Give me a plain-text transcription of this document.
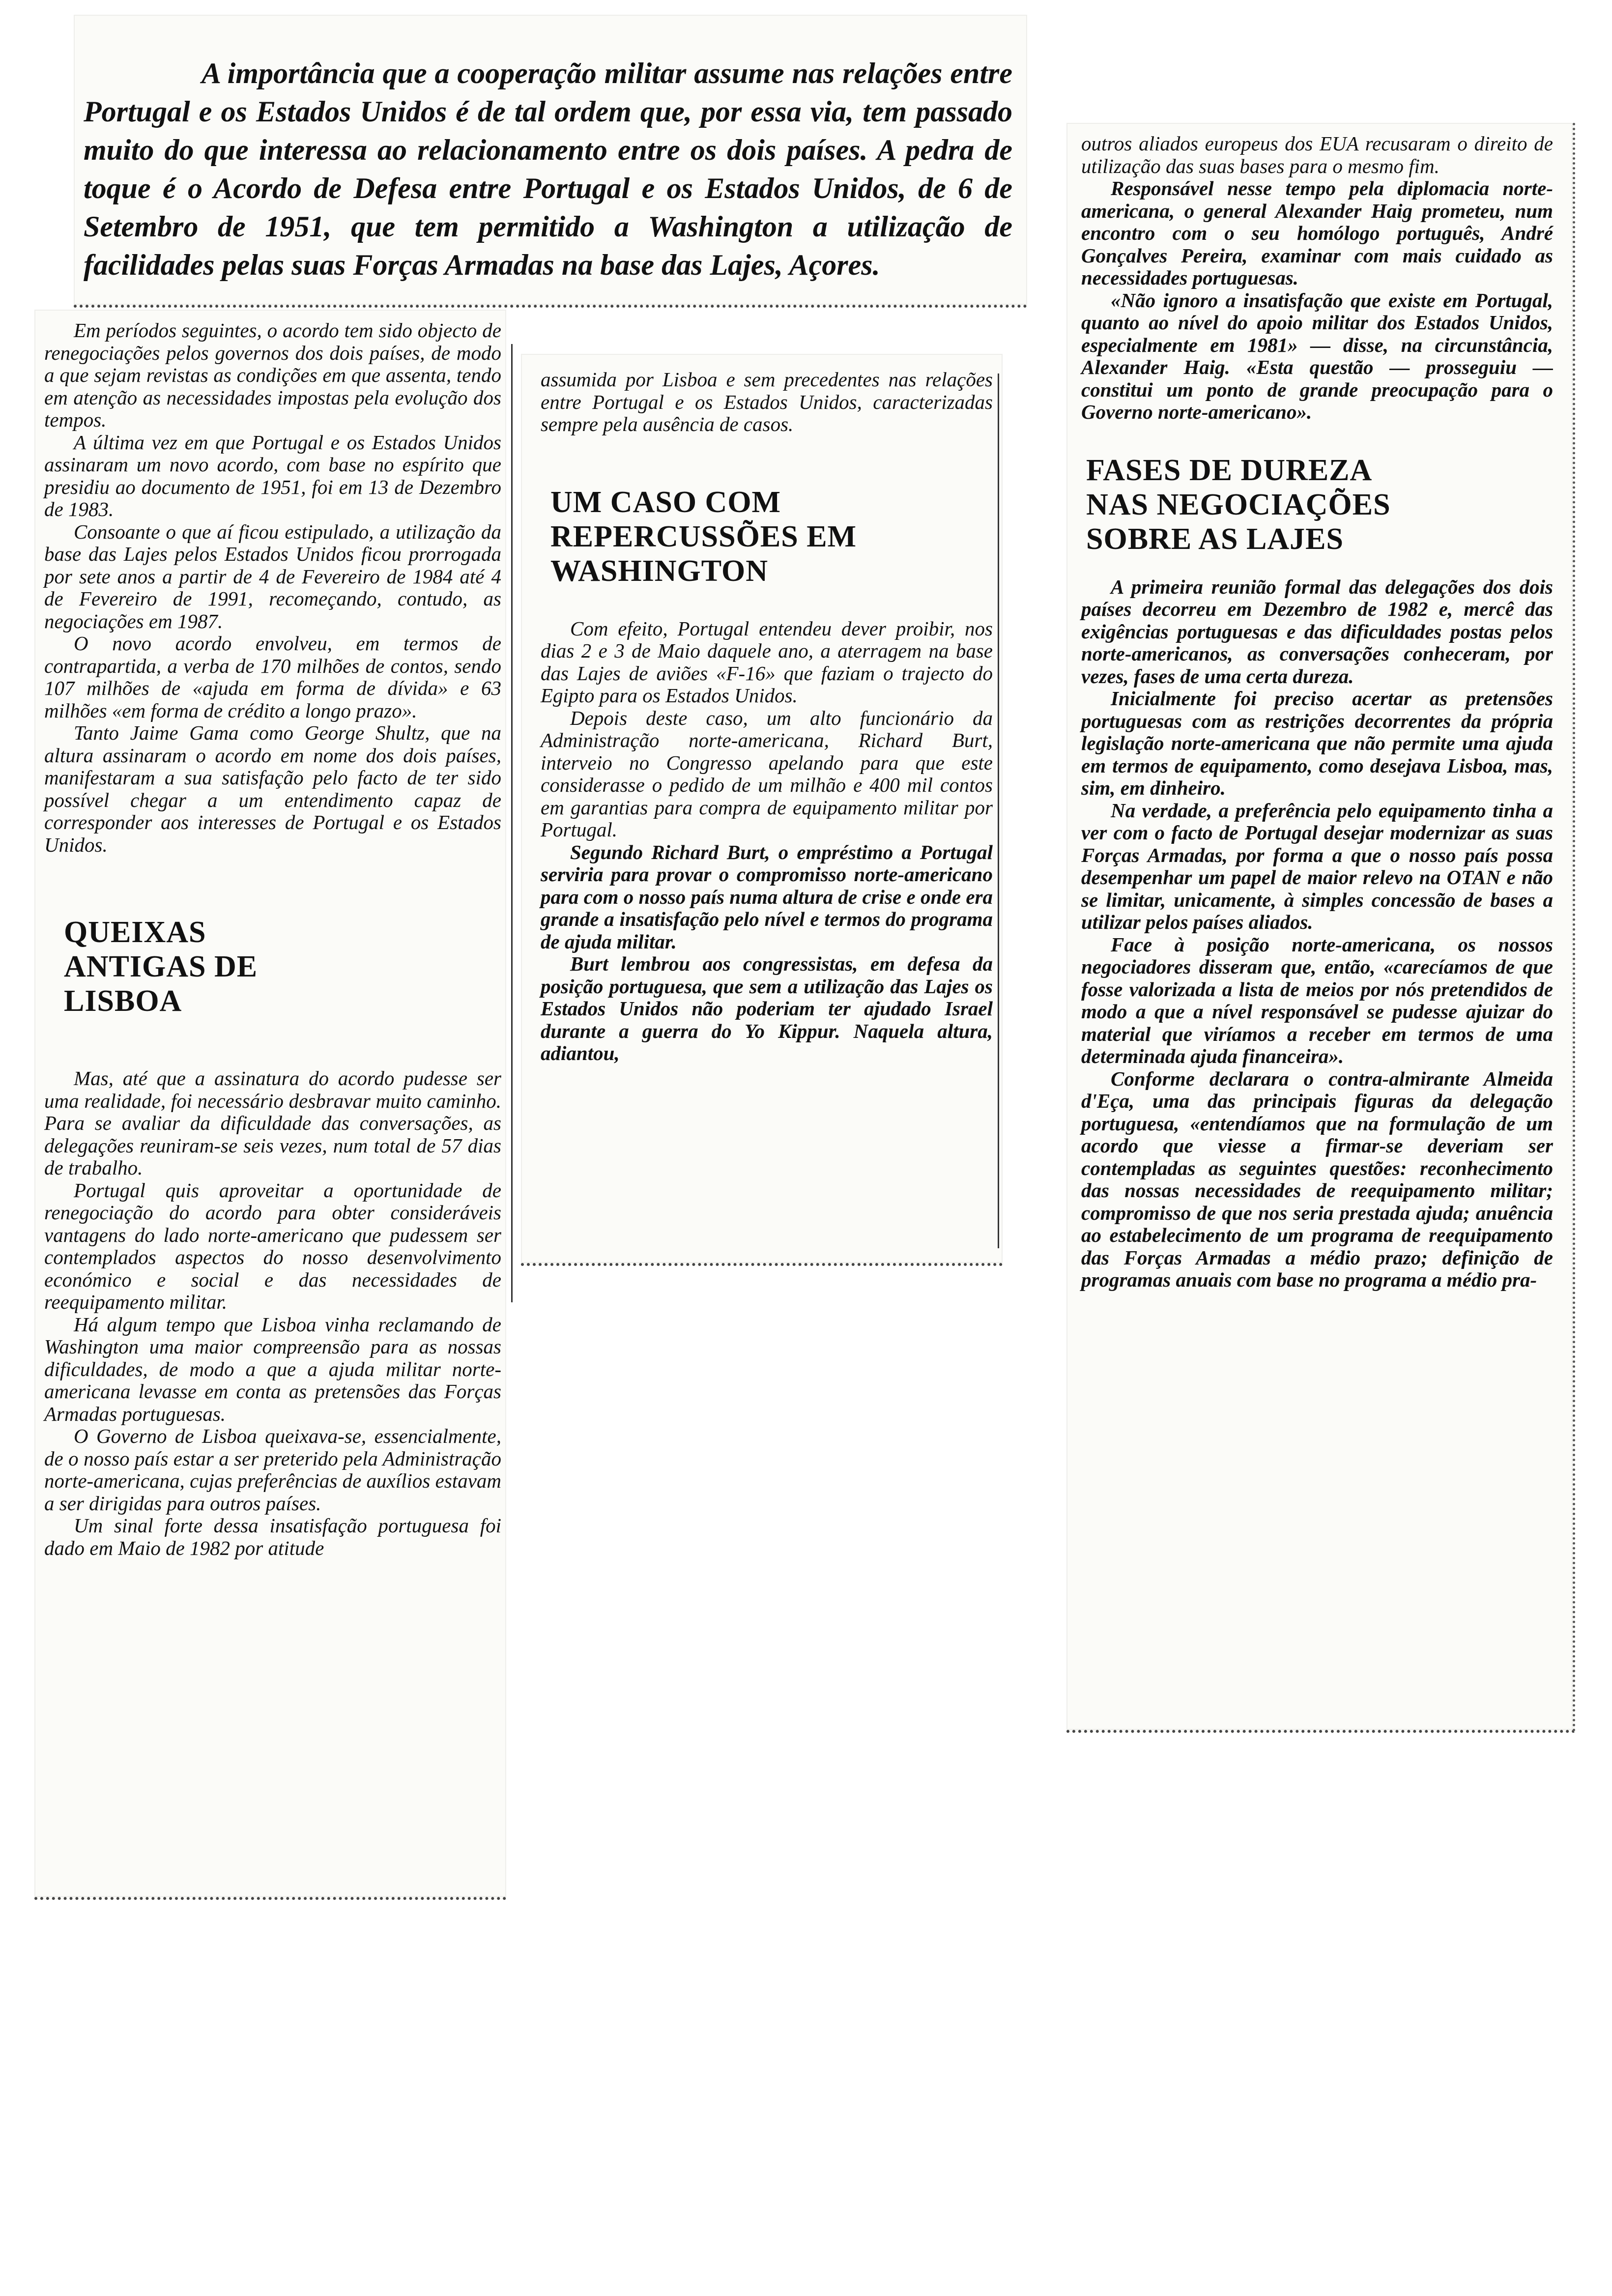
A importância que a cooperação militar assume nas relações entre Portugal e os Estados Unidos é de tal ordem que, por essa via, tem passado muito do que interessa ao relacionamento entre os dois países. A pedra de toque é o Acordo de Defesa entre Portugal e os Estados Unidos, de 6 de Setembro de 1951, que tem permitido a Washington a utilização de facilidades pelas suas Forças Armadas na base das Lajes, Açores.

Em períodos seguintes, o acordo tem sido objecto de renegociações pelos governos dos dois países, de modo a que sejam revistas as condições em que assenta, tendo em atenção as necessidades impostas pela evolução dos tempos.

A última vez em que Portugal e os Estados Unidos assinaram um novo acordo, com base no espírito que presidiu ao documento de 1951, foi em 13 de Dezembro de 1983.

Consoante o que aí ficou estipulado, a utilização da base das Lajes pelos Estados Unidos ficou prorrogada por sete anos a partir de 4 de Fevereiro de 1984 até 4 de Fevereiro de 1991, recomeçando, contudo, as negociações em 1987.

O novo acordo envolveu, em termos de contrapartida, a verba de 170 milhões de contos, sendo 107 milhões de «ajuda em forma de dívida» e 63 milhões «em forma de crédito a longo prazo».

Tanto Jaime Gama como George Shultz, que na altura assinaram o acordo em nome dos dois países, manifestaram a sua satisfação pelo facto de ter sido possível chegar a um entendimento capaz de corresponder aos interesses de Portugal e os Estados Unidos.

QUEIXAS ANTIGAS DE LISBOA

Mas, até que a assinatura do acordo pudesse ser uma realidade, foi necessário desbravar muito caminho. Para se avaliar da dificuldade das conversações, as delegações reuniram-se seis vezes, num total de 57 dias de trabalho.

Portugal quis aproveitar a oportunidade de renegociação do acordo para obter consideráveis vantagens do lado norte-americano que pudessem ser contemplados aspectos do nosso desenvolvimento económico e social e das necessidades de reequipamento militar.

Há algum tempo que Lisboa vinha reclamando de Washington uma maior compreensão para as nossas dificuldades, de modo a que a ajuda militar norte-americana levasse em conta as pretensões das Forças Armadas portuguesas.

O Governo de Lisboa queixava-se, essencialmente, de o nosso país estar a ser preterido pela Administração norte-americana, cujas preferências de auxílios estavam a ser dirigidas para outros países.

Um sinal forte dessa insatisfação portuguesa foi dado em Maio de 1982 por atitude

assumida por Lisboa e sem precedentes nas relações entre Portugal e os Estados Unidos, caracterizadas sempre pela ausência de casos.

UM CASO COM REPERCUSSÕES EM WASHINGTON

Com efeito, Portugal entendeu dever proibir, nos dias 2 e 3 de Maio daquele ano, a aterragem na base das Lajes de aviões «F-16» que faziam o trajecto do Egipto para os Estados Unidos.

Depois deste caso, um alto funcionário da Administração norte-americana, Richard Burt, interveio no Congresso apelando para que este considerasse o pedido de um milhão e 400 mil contos em garantias para compra de equipamento militar por Portugal.

Segundo Richard Burt, o empréstimo a Portugal serviria para provar o compromisso norte-americano para com o nosso país numa altura de crise e onde era grande a insatisfação pelo nível e termos do programa de ajuda militar.

Burt lembrou aos congressistas, em defesa da posição portuguesa, que sem a utilização das Lajes os Estados Unidos não poderiam ter ajudado Israel durante a guerra do Yo Kippur. Naquela altura, adiantou,

outros aliados europeus dos EUA recusaram o direito de utilização das suas bases para o mesmo fim.

Responsável nesse tempo pela diplomacia norte-americana, o general Alexander Haig prometeu, num encontro com o seu homólogo português, André Gonçalves Pereira, examinar com mais cuidado as necessidades portuguesas.

«Não ignoro a insatisfação que existe em Portugal, quanto ao nível do apoio militar dos Estados Unidos, especialmente em 1981» — disse, na circunstância, Alexander Haig. «Esta questão — prosseguiu — constitui um ponto de grande preocupação para o Governo norte-americano».

FASES DE DUREZA NAS NEGOCIAÇÕES SOBRE AS LAJES

A primeira reunião formal das delegações dos dois países decorreu em Dezembro de 1982 e, mercê das exigências portuguesas e das dificuldades postas pelos norte-americanos, as conversações conheceram, por vezes, fases de uma certa dureza.

Inicialmente foi preciso acertar as pretensões portuguesas com as restrições decorrentes da própria legislação norte-americana que não permite uma ajuda em termos de equipamento, como desejava Lisboa, mas, sim, em dinheiro.

Na verdade, a preferência pelo equipamento tinha a ver com o facto de Portugal desejar modernizar as suas Forças Armadas, por forma a que o nosso país possa desempenhar um papel de maior relevo na OTAN e não se limitar, unicamente, à simples concessão de bases a utilizar pelos países aliados.

Face à posição norte-americana, os nossos negociadores disseram que, então, «carecíamos de que fosse valorizada a lista de meios por nós pretendidos de modo a que a nível responsável se pudesse ajuizar do material que viríamos a receber em termos de uma determinada ajuda financeira».

Conforme declarara o contra-almirante Almeida d'Eça, uma das principais figuras da delegação portuguesa, «entendíamos que na formulação de um acordo que viesse a firmar-se deveriam ser contempladas as seguintes questões: reconhecimento das nossas necessidades de reequipamento militar; compromisso de que nos seria prestada ajuda; anuência ao estabelecimento de um programa de reequipamento das Forças Armadas a médio prazo; definição de programas anuais com base no programa a médio pra-
